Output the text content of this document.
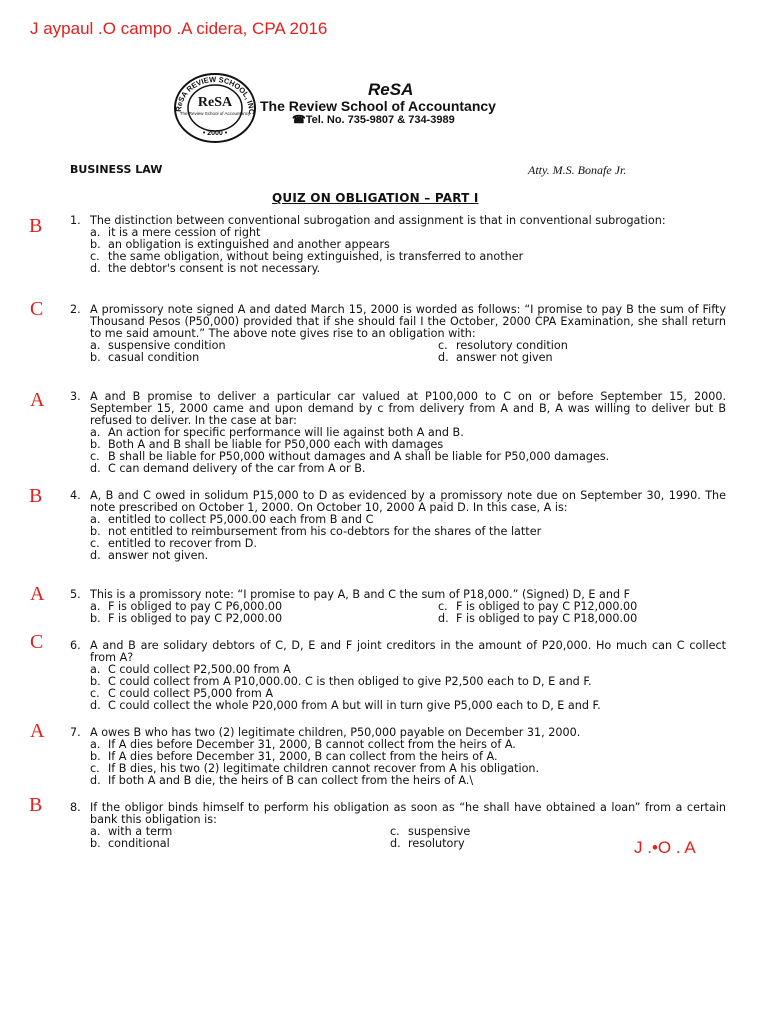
J aypaul .O campo .A cidera, CPA 2016
ReSA REVIEW SCHOOL, INC
ReSA
The Review School of Accountancy
• 2000 •
ReSA
The Review School of Accountancy
☎Tel. No. 735-9807 & 734-3989
BUSINESS LAW	Atty. M.S. Bonafe Jr.
QUIZ ON OBLIGATION – PART I
B
C
A
B
A
C
A
B
1. The distinction between conventional subrogation and assignment is that in conventional subrogation:
a. it is a mere cession of right
b. an obligation is extinguished and another appears
c. the same obligation, without being extinguished, is transferred to another
d. the debtor's consent is not necessary.
2. A promissory note signed A and dated March 15, 2000 is worded as follows: “I promise to pay B the sum of Fifty Thousand Pesos (P50,000) provided that if she should fail I the October, 2000 CPA Examination, she shall return to me said amount.” The above note gives rise to an obligation with:
a. suspensive condition	c. resolutory condition
b. casual condition	d. answer not given
3. A and B promise to deliver a particular car valued at P100,000 to C on or before September 15, 2000. September 15, 2000 came and upon demand by c from delivery from A and B, A was willing to deliver but B refused to deliver. In the case at bar:
a. An action for specific performance will lie against both A and B.
b. Both A and B shall be liable for P50,000 each with damages
c. B shall be liable for P50,000 without damages and A shall be liable for P50,000 damages.
d. C can demand delivery of the car from A or B.
4. A, B and C owed in solidum P15,000 to D as evidenced by a promissory note due on September 30, 1990. The note prescribed on October 1, 2000. On October 10, 2000 A paid D. In this case, A is:
a. entitled to collect P5,000.00 each from B and C
b. not entitled to reimbursement from his co-debtors for the shares of the latter
c. entitled to recover from D.
d. answer not given.
5. This is a promissory note: “I promise to pay A, B and C the sum of P18,000.” (Signed) D, E and F
a. F is obliged to pay C P6,000.00	c. F is obliged to pay C P12,000.00
b. F is obliged to pay C P2,000.00	d. F is obliged to pay C P18,000.00
6. A and B are solidary debtors of C, D, E and F joint creditors in the amount of P20,000. Ho much can C collect from A?
a. C could collect P2,500.00 from A
b. C could collect from A P10,000.00. C is then obliged to give P2,500 each to D, E and F.
c. C could collect P5,000 from A
d. C could collect the whole P20,000 from A but will in turn give P5,000 each to D, E and F.
7. A owes B who has two (2) legitimate children, P50,000 payable on December 31, 2000.
a. If A dies before December 31, 2000, B cannot collect from the heirs of A.
b. If A dies before December 31, 2000, B can collect from the heirs of A.
c. If B dies, his two (2) legitimate children cannot recover from A his obligation.
d. If both A and B die, the heirs of B can collect from the heirs of A.\
8. If the obligor binds himself to perform his obligation as soon as “he shall have obtained a loan” from a certain bank this obligation is:
a. with a term	c. suspensive
b. conditional	d. resolutory	J .•O . A
